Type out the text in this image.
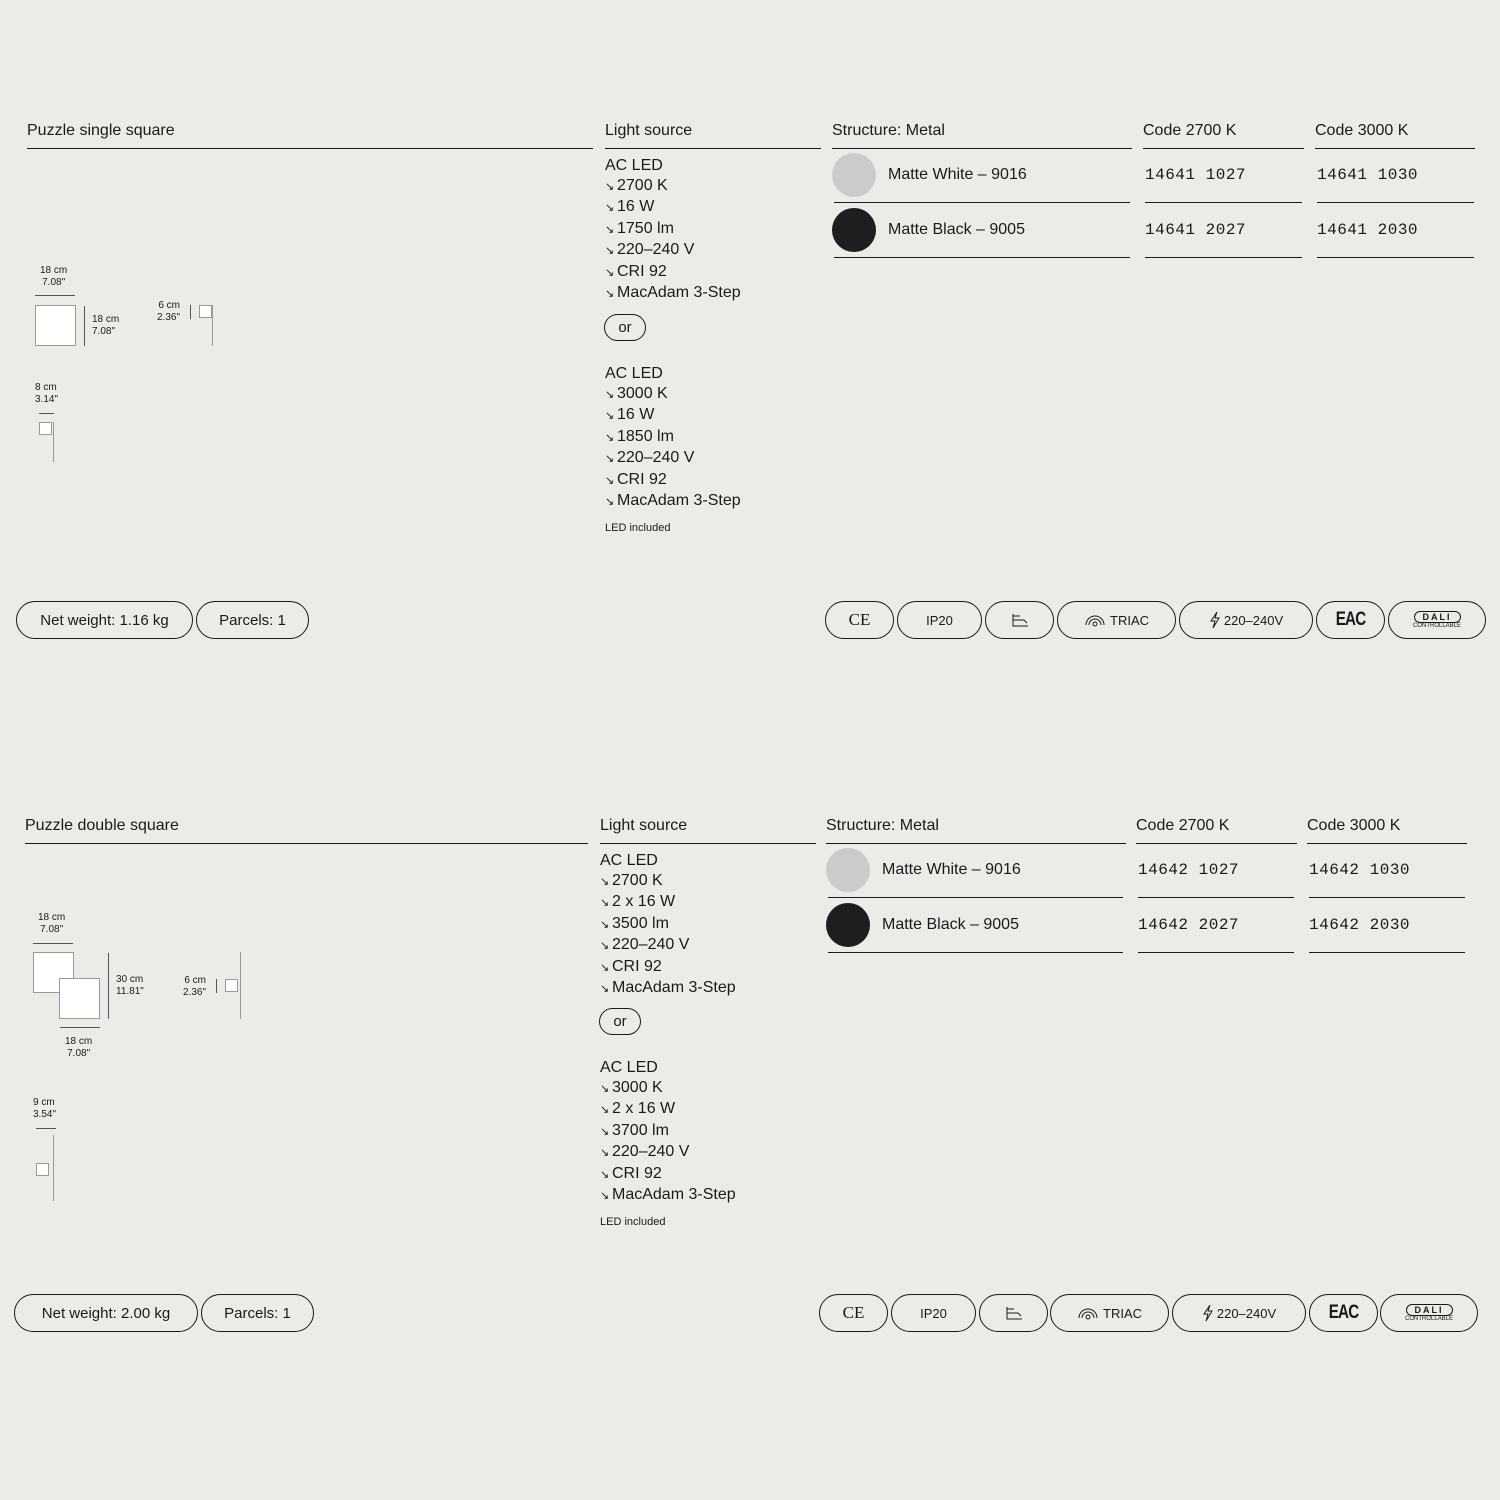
Puzzle single square	Light source	Structure: Metal	Code 2700 K	Code 3000 K
18 cm
7.08"
18 cm
7.08"
6 cm
2.36"
8 cm
3.14"
AC LED
↘ 2700 K
↘ 16 W
↘ 1750 lm
↘ 220–240 V
↘ CRI 92
↘ MacAdam 3-Step
or
AC LED
↘ 3000 K
↘ 16 W
↘ 1850 lm
↘ 220–240 V
↘ CRI 92
↘ MacAdam 3-Step
LED included
Matte White – 9016	14641 1027	14641 1030
Matte Black – 9005	14641 2027	14641 2030
Net weight: 1.16 kg	Parcels: 1	CE	IP20	TRIAC	220–240V	EAC	DALI
CONTROLLABLE
Puzzle double square	Light source	Structure: Metal	Code 2700 K	Code 3000 K
18 cm
7.08"
30 cm
11.81"
18 cm
7.08"
6 cm
2.36"
9 cm
3.54"
AC LED
↘ 2700 K
↘ 2 x 16 W
↘ 3500 lm
↘ 220–240 V
↘ CRI 92
↘ MacAdam 3-Step
or
AC LED
↘ 3000 K
↘ 2 x 16 W
↘ 3700 lm
↘ 220–240 V
↘ CRI 92
↘ MacAdam 3-Step
LED included
Matte White – 9016	14642 1027	14642 1030
Matte Black – 9005	14642 2027	14642 2030
Net weight: 2.00 kg	Parcels: 1	CE	IP20	TRIAC	220–240V	EAC	DALI
CONTROLLABLE
